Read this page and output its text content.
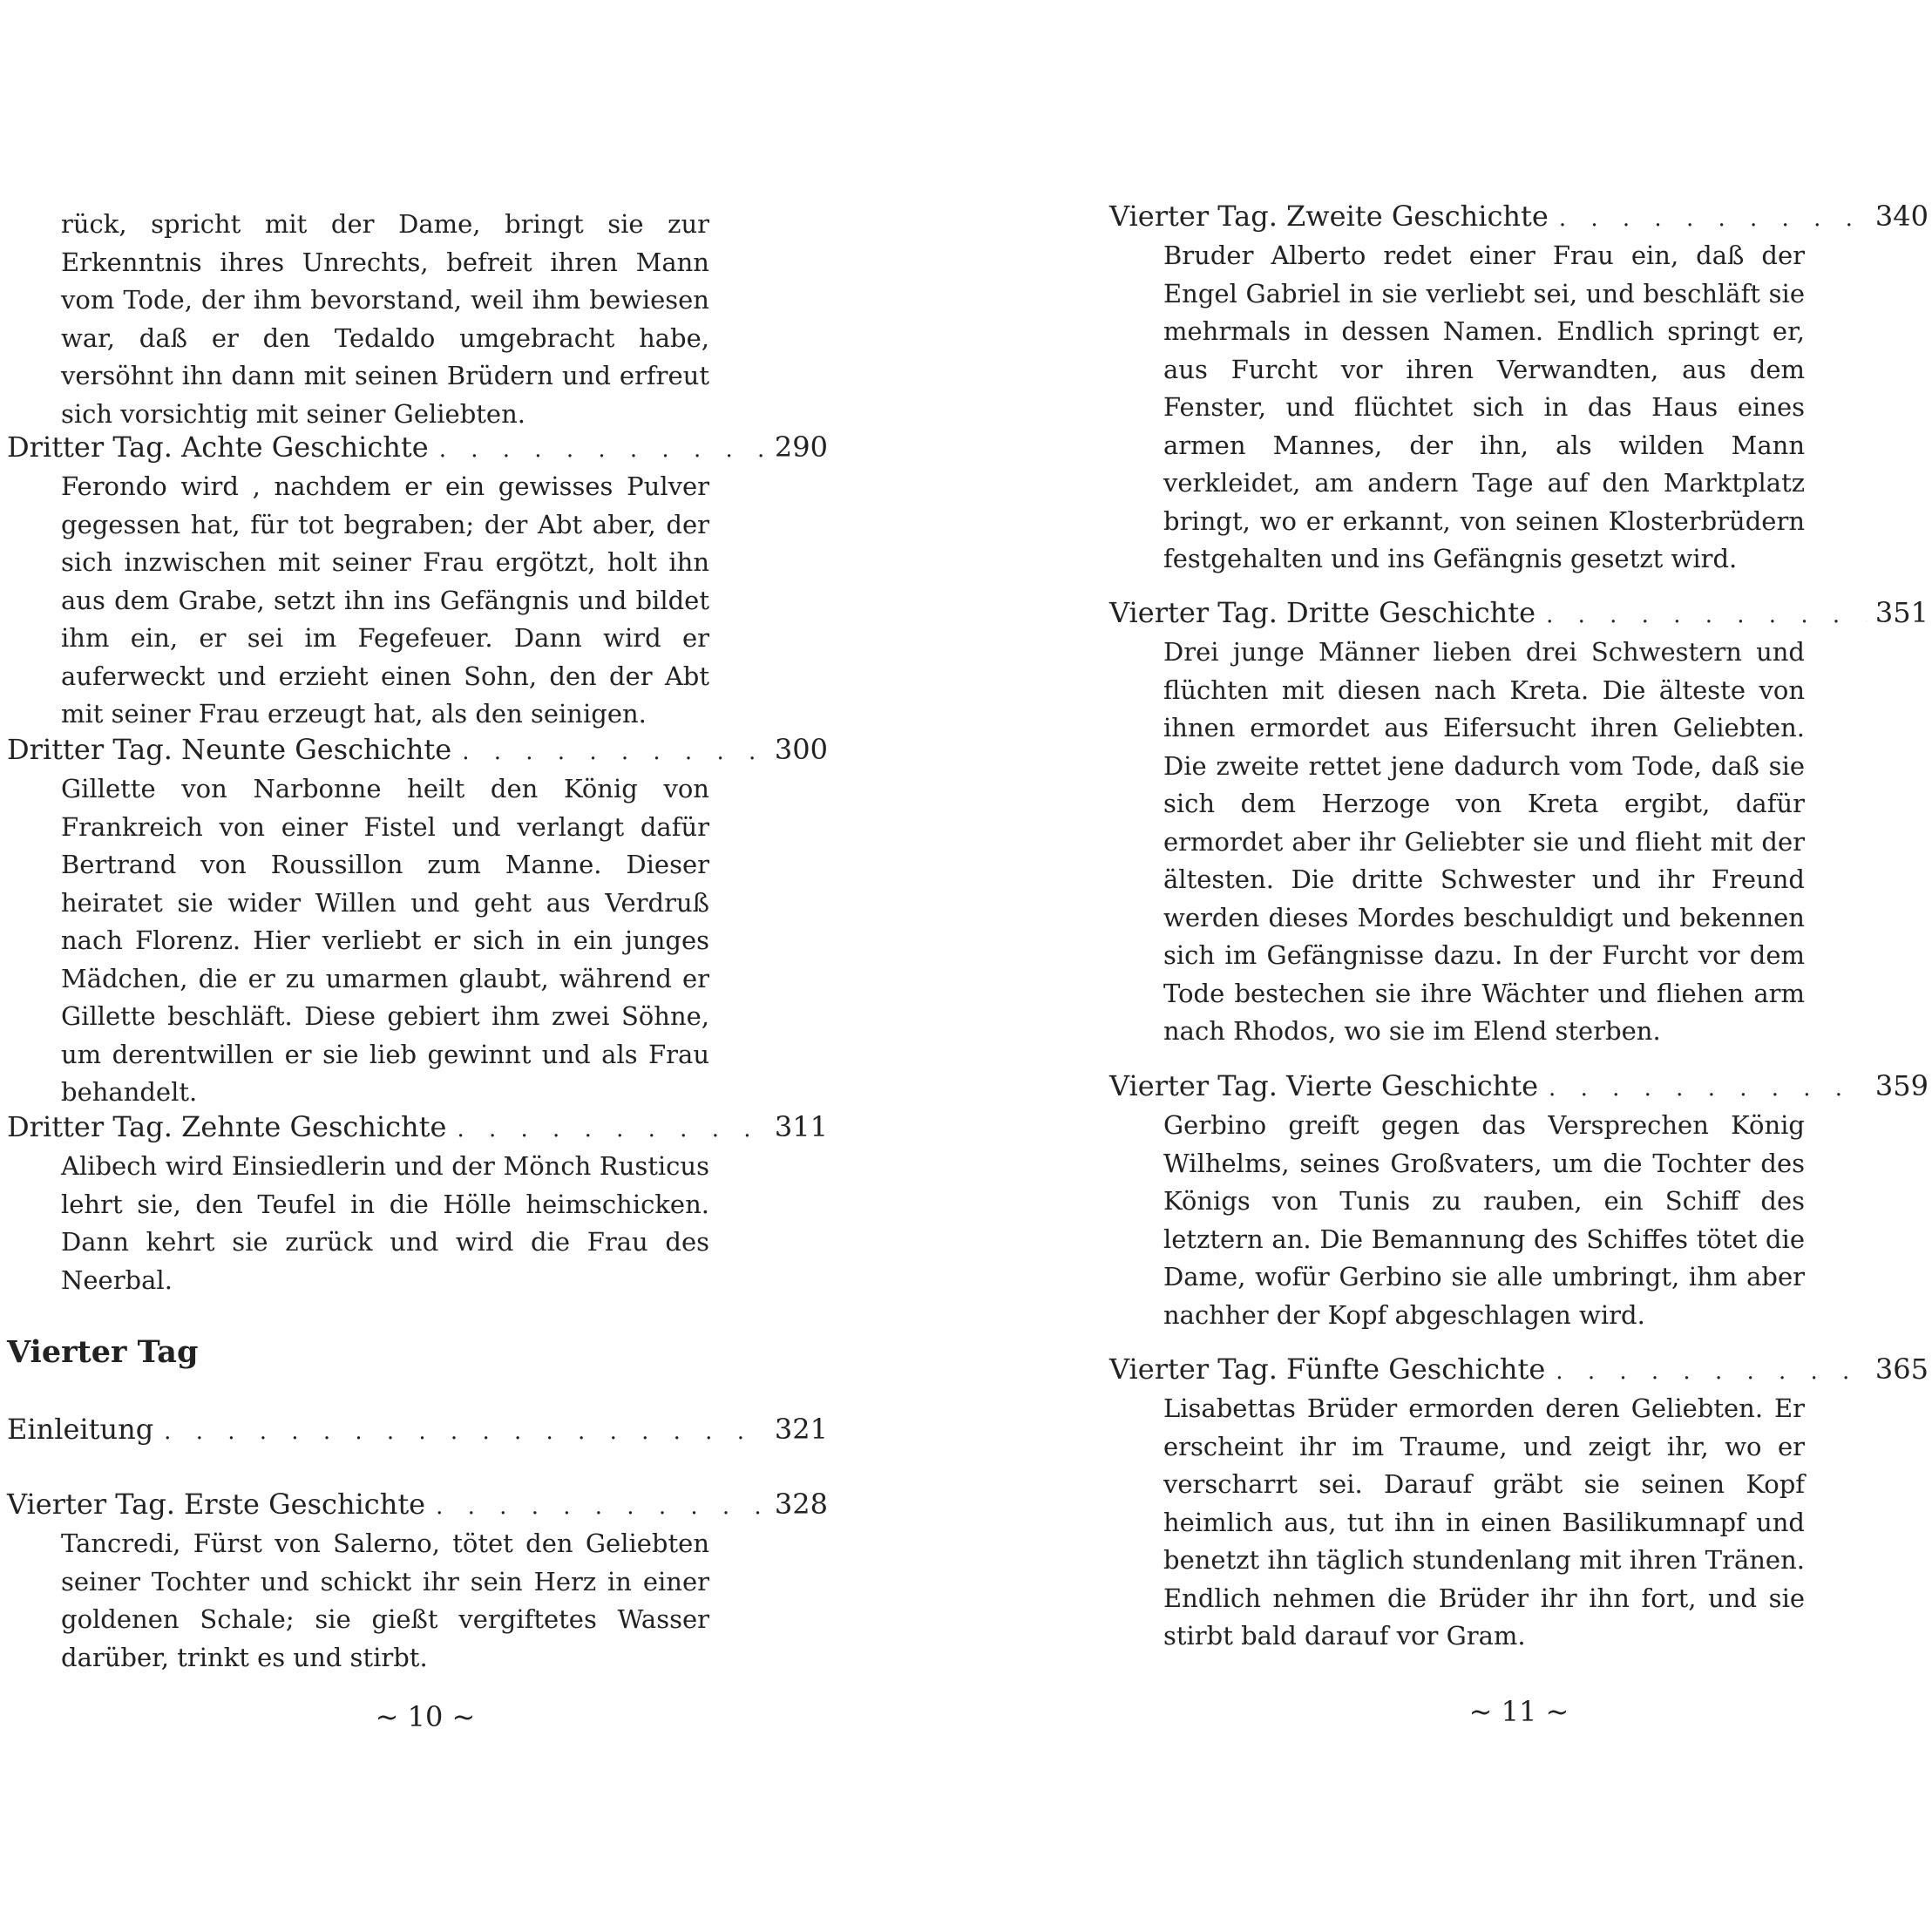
rück, spricht mit der Dame, bringt sie zur Erkenntnis ihres Unrechts, befreit ihren Mann vom Tode, der ihm bevorstand, weil ihm bewiesen war, daß er den Tedaldo umgebracht habe, versöhnt ihn dann mit seinen Brüdern und erfreut sich vorsichtig mit seiner Geliebten.
Dritter Tag. Achte Geschichte . . .	290
Ferondo wird , nachdem er ein gewisses Pulver gegessen hat, für tot begraben; der Abt aber, der sich inzwischen mit seiner Frau ergötzt, holt ihn aus dem Grabe, setzt ihn ins Gefängnis und bildet ihm ein, er sei im Fegefeuer. Dann wird er auferweckt und erzieht einen Sohn, den der Abt mit seiner Frau erzeugt hat, als den seinigen.
Dritter Tag. Neunte Geschichte . . .	300
Gillette von Narbonne heilt den König von Frankreich von einer Fistel und verlangt dafür Bertrand von Roussillon zum Manne. Dieser heiratet sie wider Willen und geht aus Verdruß nach Florenz. Hier verliebt er sich in ein junges Mädchen, die er zu umarmen glaubt, während er Gillette beschläft. Diese gebiert ihm zwei Söhne, um derentwillen er sie lieb gewinnt und als Frau behandelt.
Dritter Tag. Zehnte Geschichte . . .	311
Alibech wird Einsiedlerin und der Mönch Rusticus lehrt sie, den Teufel in die Hölle heimschicken. Dann kehrt sie zurück und wird die Frau des Neerbal.
Vierter Tag
Einleitung . . .	321
Vierter Tag. Erste Geschichte . . .	328
Tancredi, Fürst von Salerno, tötet den Geliebten seiner Tochter und schickt ihr sein Herz in einer goldenen Schale; sie gießt vergiftetes Wasser darüber, trinkt es und stirbt.
~ 10 ~
Vierter Tag. Zweite Geschichte . . .	340
Bruder Alberto redet einer Frau ein, daß der Engel Gabriel in sie verliebt sei, und beschläft sie mehrmals in dessen Namen. Endlich springt er, aus Furcht vor ihren Verwandten, aus dem Fenster, und flüchtet sich in das Haus eines armen Mannes, der ihn, als wilden Mann verkleidet, am andern Tage auf den Marktplatz bringt, wo er erkannt, von seinen Klosterbrüdern festgehalten und ins Gefängnis gesetzt wird.
Vierter Tag. Dritte Geschichte . . .	351
Drei junge Männer lieben drei Schwestern und flüchten mit diesen nach Kreta. Die älteste von ihnen ermordet aus Eifersucht ihren Geliebten. Die zweite rettet jene dadurch vom Tode, daß sie sich dem Herzoge von Kreta ergibt, dafür ermordet aber ihr Geliebter sie und flieht mit der ältesten. Die dritte Schwester und ihr Freund werden dieses Mordes beschuldigt und bekennen sich im Gefängnisse dazu. In der Furcht vor dem Tode bestechen sie ihre Wächter und fliehen arm nach Rhodos, wo sie im Elend sterben.
Vierter Tag. Vierte Geschichte . . .	359
Gerbino greift gegen das Versprechen König Wilhelms, seines Großvaters, um die Tochter des Königs von Tunis zu rauben, ein Schiff des letztern an. Die Bemannung des Schiffes tötet die Dame, wofür Gerbino sie alle umbringt, ihm aber nachher der Kopf abgeschlagen wird.
Vierter Tag. Fünfte Geschichte . . .	365
Lisabettas Brüder ermorden deren Geliebten. Er erscheint ihr im Traume, und zeigt ihr, wo er verscharrt sei. Darauf gräbt sie seinen Kopf heimlich aus, tut ihn in einen Basilikumnapf und benetzt ihn täglich stundenlang mit ihren Tränen. Endlich nehmen die Brüder ihr ihn fort, und sie stirbt bald darauf vor Gram.
~ 11 ~
